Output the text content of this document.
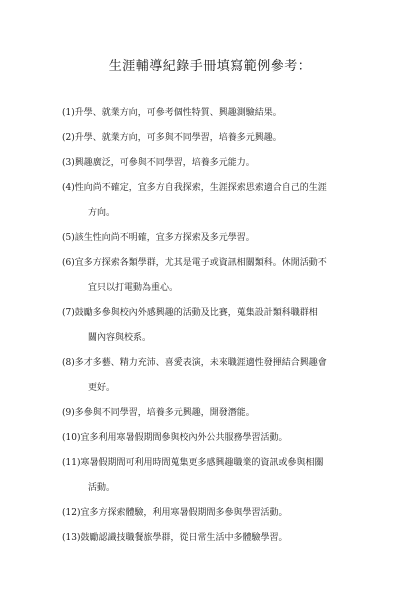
生涯輔導紀錄手冊填寫範例參考：
(1) 升學、就業方向，可參考個性特質、興趣測驗結果。
(2) 升學、就業方向，可多與不同學習，培養多元興趣。
(3) 興趣廣泛，可參與不同學習，培養多元能力。
(4) 性向尚不確定，宜多方自我探索，生涯探索思索適合自己的生涯
方向。
(5) 該生性向尚不明確，宜多方探索及多元學習。
(6) 宜多方探索各類學群，尤其是電子或資訊相關類科。休閒活動不
宜只以打電動為重心。
(7) 鼓勵多參與校內外感興趣的活動及比賽，蒐集設計類科職群相
關內容與校系。
(8) 多才多藝、精力充沛、喜愛表演，未來職涯適性發揮結合興趣會
更好。
(9) 多參與不同學習，培養多元興趣，開發潛能。
(10) 宜多利用寒暑假期間參與校內外公共服務學習活動。
(11) 寒暑假期間可利用時間蒐集更多感興趣職業的資訊或參與相關
活動。
(12) 宜多方探索體驗，利用寒暑假期間多參與學習活動。
(13) 鼓勵認識技職餐旅學群，從日常生活中多體驗學習。
